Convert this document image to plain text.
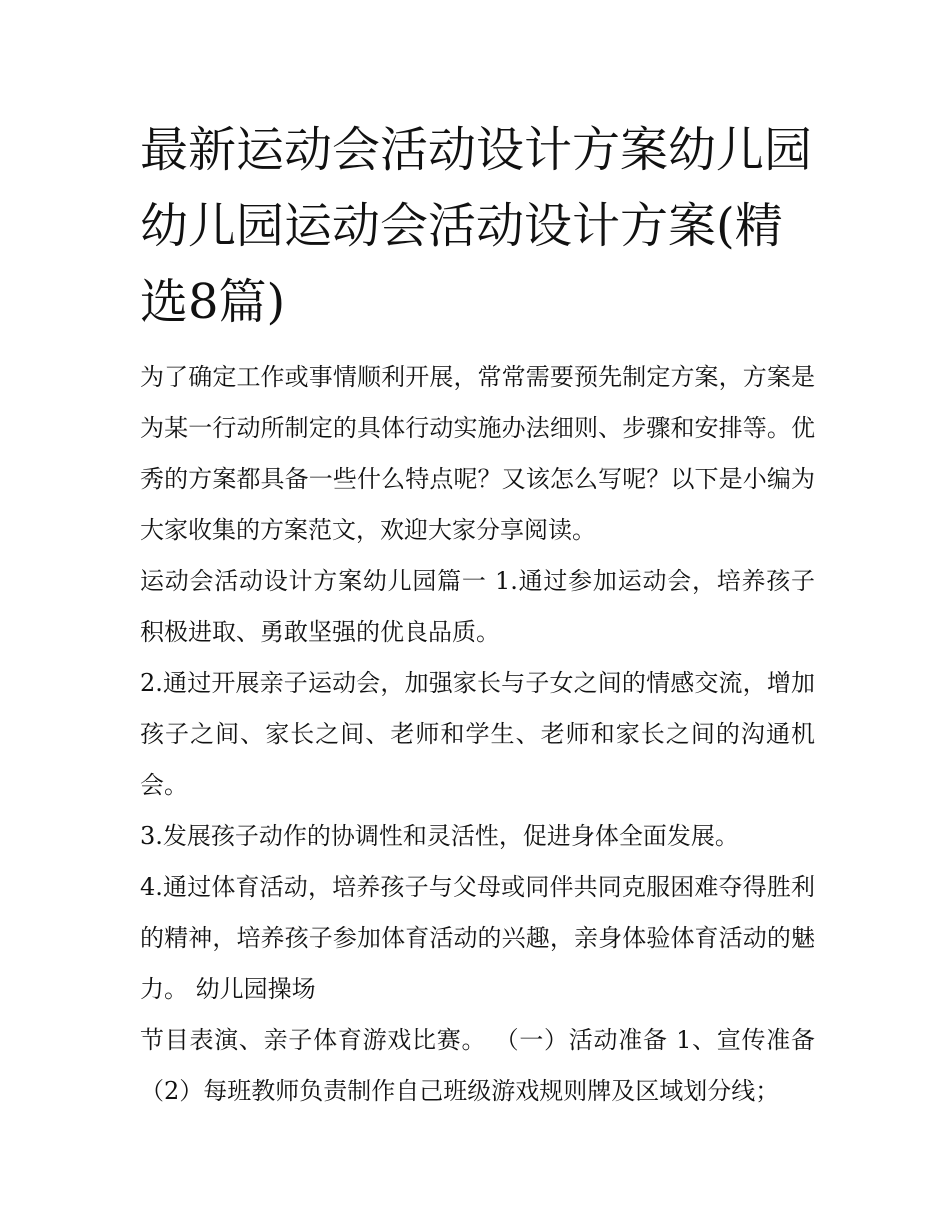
最新运动会活动设计方案幼儿园 幼儿园运动会活动设计方案(精选8篇)

为了确定工作或事情顺利开展，常常需要预先制定方案，方案是为某一行动所制定的具体行动实施办法细则、步骤和安排等。优秀的方案都具备一些什么特点呢？又该怎么写呢？以下是小编为大家收集的方案范文，欢迎大家分享阅读。

运动会活动设计方案幼儿园篇一 1.通过参加运动会，培养孩子积极进取、勇敢坚强的优良品质。

2.通过开展亲子运动会，加强家长与子女之间的情感交流，增加孩子之间、家长之间、老师和学生、老师和家长之间的沟通机会。

3.发展孩子动作的协调性和灵活性，促进身体全面发展。

4.通过体育活动，培养孩子与父母或同伴共同克服困难夺得胜利的精神，培养孩子参加体育活动的兴趣，亲身体验体育活动的魅力。 幼儿园操场

节目表演、亲子体育游戏比赛。 （一）活动准备 1、宣传准备（2）每班教师负责制作自己班级游戏规则牌及区域划分线；
